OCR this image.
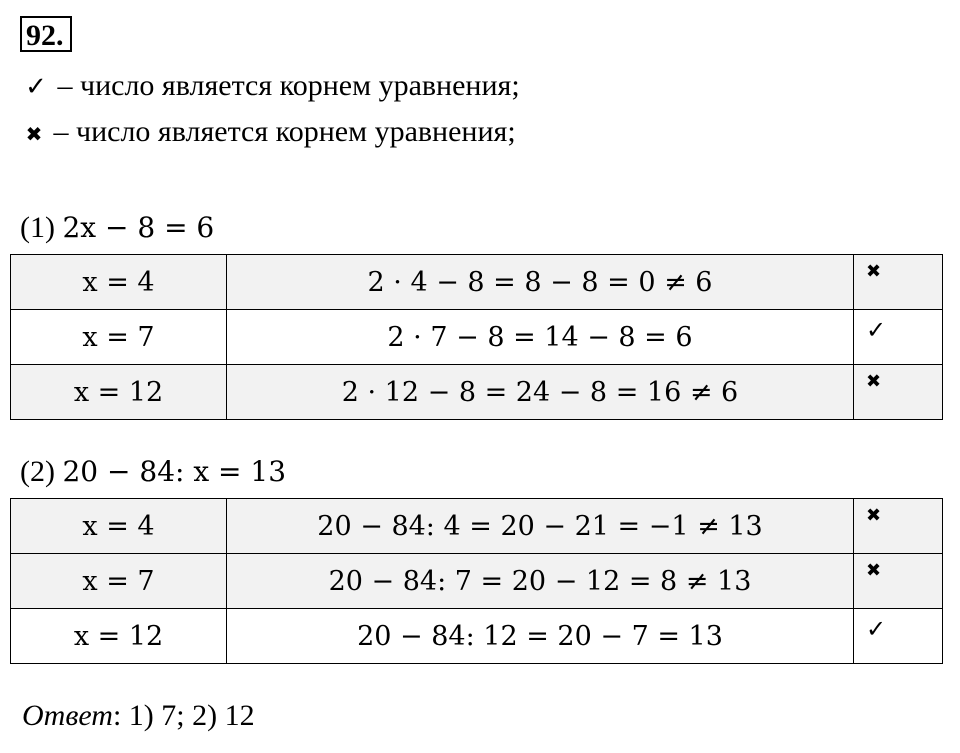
92.
✓ – число является корнем уравнения;
✖ – число является корнем уравнения;
(1) 2x − 8 = 6
x = 4	2 · 4 − 8 = 8 − 8 = 0 ≠ 6	✖
x = 7	2 · 7 − 8 = 14 − 8 = 6	✓
x = 12	2 · 12 − 8 = 24 − 8 = 16 ≠ 6	✖
(2) 20 − 84: x = 13
x = 4	20 − 84: 4 = 20 − 21 = −1 ≠ 13	✖
x = 7	20 − 84: 7 = 20 − 12 = 8 ≠ 13	✖
x = 12	20 − 84: 12 = 20 − 7 = 13	✓
Ответ: 1) 7; 2) 12
